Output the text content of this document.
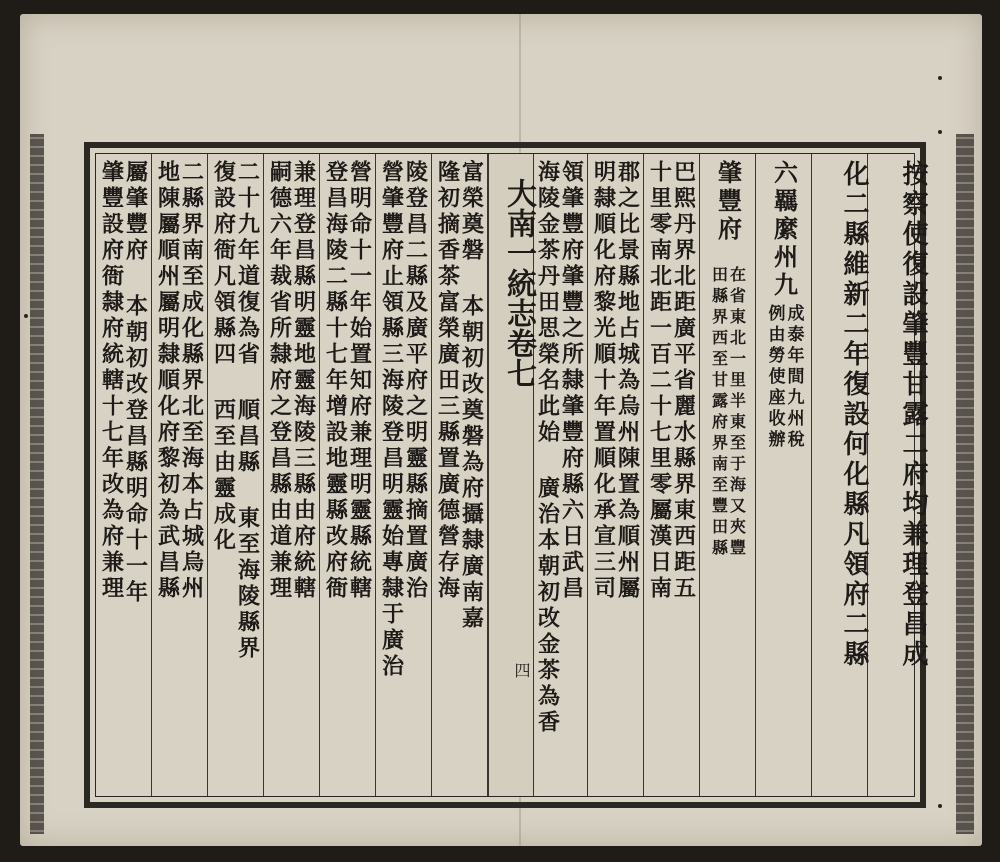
屬肇豐府 本朝初改登昌縣明命十一年
肇豐設府衙隸府統轄十七年改為府兼理 二縣界南至成化縣界北至海本占城烏州
地陳屬順州屬明隸順化府黎初為武昌縣 二十九年道復為省 順昌縣 東至海陵縣界
復設府衙凡領縣四 西至由靈成化 兼理登昌縣明靈地靈海陵三縣由府統轄
嗣德六年裁省所隸府之登昌縣由道兼理 營明命十一年始置知府兼理明靈縣統轄
登昌海陵二縣十七年增設地靈縣改府衙 陵登昌二縣及廣平府之明靈縣摘置廣治
營肇豐府止領縣三海陵登昌明靈始專隸于廣治 富榮奠磐 本朝初改奠磐為府攝隸廣南嘉
隆初摘香茶富榮廣田三縣置廣德營存海	大南一統志卷七
四
領肇豐府肇豐之所隸肇豐府縣六日武昌
海陵金茶丹田思榮名此始 廣治本朝初改金茶為香 郡之比景縣地占城為烏州陳置為順州屬
明隸順化府黎光順十年置順化承宣三司 巴熙丹界北距廣平省麗水縣界東西距五
十里零南北距一百二十七里零屬漢日南 肇豐府
在省東北一里半東至于海又夾豐
田縣界西至甘露府界南至豐田縣
六羈縻州九
成泰年間九州稅
例由勞使座收辦	化二縣維新二年復設何化縣凡領府二縣	按察使復設肇豐甘露二府均兼理登昌成
